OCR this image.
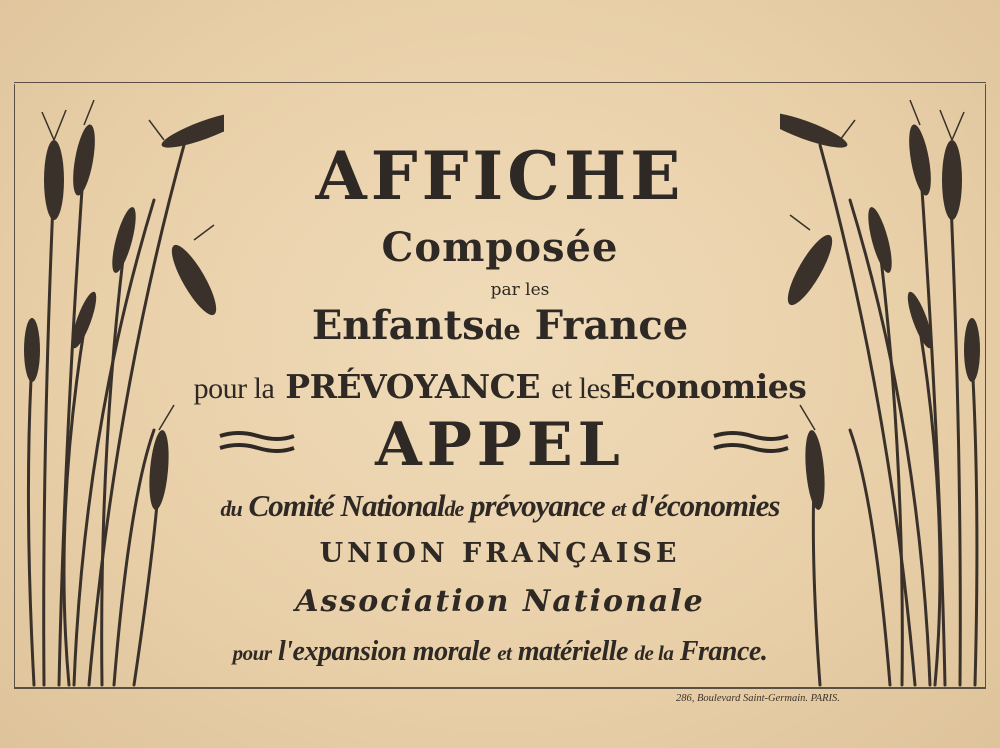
AFFICHE
Composée
par les
Enfantsde France
pour la PRÉVOYANCE et lesEconomies
APPEL
du Comité Nationalde prévoyance et d'économies
UNION FRANÇAISE
Association Nationale
pour l'expansion morale et matérielle de la France.
286, Boulevard Saint-Germain. PARIS.
